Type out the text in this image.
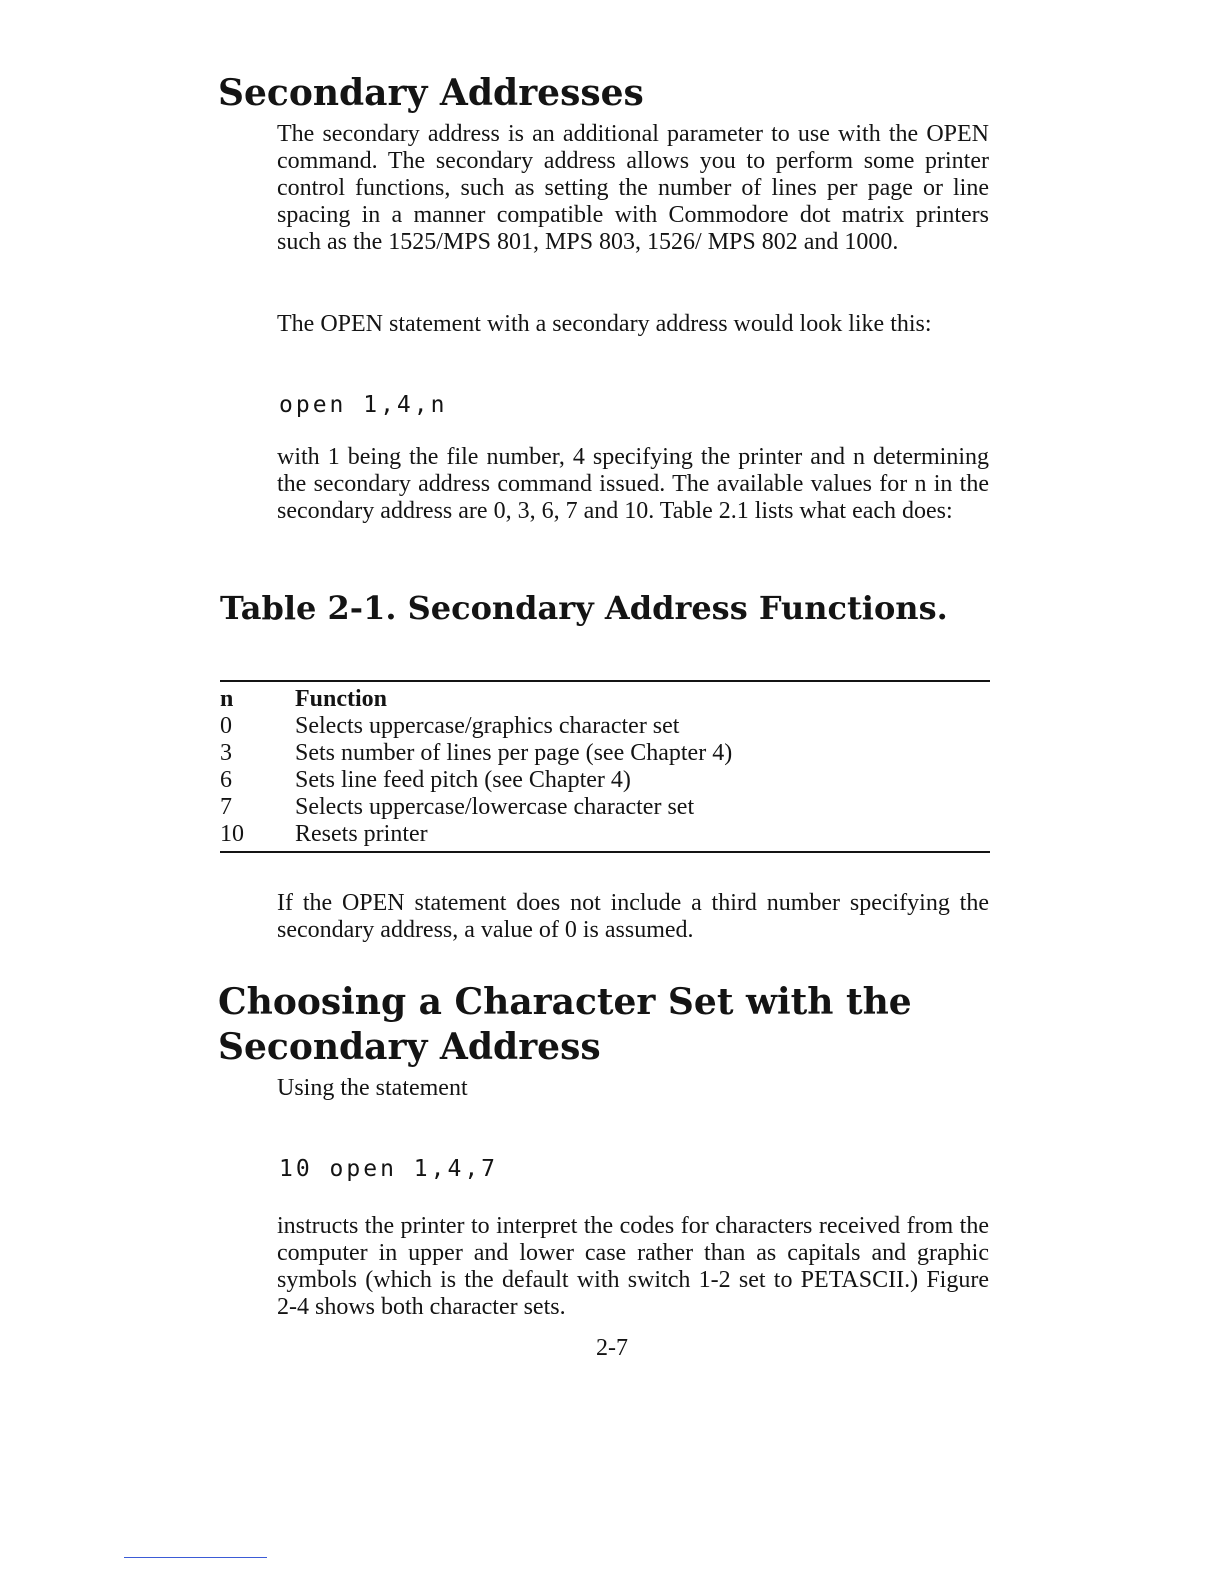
Secondary Addresses

The secondary address is an additional parameter to use with the OPEN command. The secondary address allows you to perform some printer control functions, such as setting the number of lines per page or line spacing in a manner compatible with Commodore dot matrix printers such as the 1525/MPS 801, MPS 803, 1526/ MPS 802 and 1000.

The OPEN statement with a secondary address would look like this:

open 1,4,n

with 1 being the file number, 4 specifying the printer and n determining the secondary address command issued. The available values for n in the secondary address are 0, 3, 6, 7 and 10. Table 2.1 lists what each does:

Table 2-1. Secondary Address Functions.
n	Function
0	Selects uppercase/graphics character set
3	Sets number of lines per page (see Chapter 4)
6	Sets line feed pitch (see Chapter 4)
7	Selects uppercase/lowercase character set
10	Resets printer

If the OPEN statement does not include a third number specifying the secondary address, a value of 0 is assumed.

Choosing a Character Set with the
Secondary Address

Using the statement

10 open 1,4,7

instructs the printer to interpret the codes for characters received from the computer in upper and lower case rather than as capitals and graphic symbols (which is the default with switch 1-2 set to PETASCII.) Figure 2-4 shows both character sets.

2-7
